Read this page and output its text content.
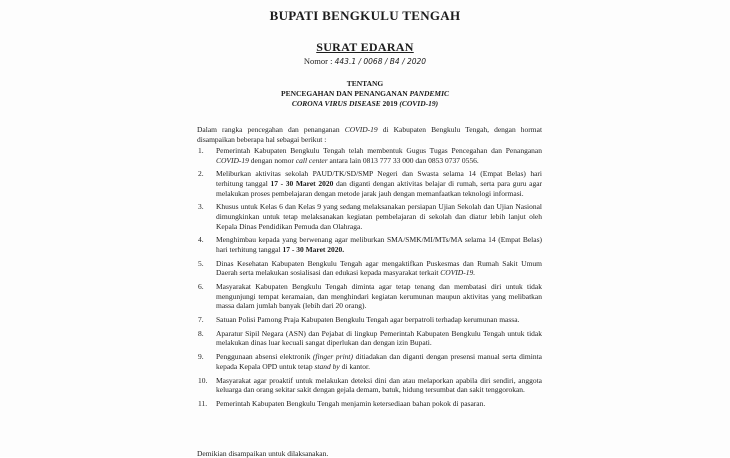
BUPATI BENGKULU TENGAH
SURAT EDARAN
Nomor : 443.1 / 0068 / B4 / 2020
TENTANG
PENCEGAHAN DAN PENANGANAN PANDEMIC
CORONA VIRUS DISEASE 2019 (COVID-19)
Dalam rangka pencegahan dan penanganan COVID-19 di Kabupaten Bengkulu Tengah, dengan hormat disampaikan beberapa hal sebagai berikut :
1. Pemerintah Kabupaten Bengkulu Tengah telah membentuk Gugus Tugas Pencegahan dan Penanganan COVID-19 dengan nomor call center antara lain 0813 777 33 000 dan 0853 0737 0556.
2. Meliburkan aktivitas sekolah PAUD/TK/SD/SMP Negeri dan Swasta selama 14 (Empat Belas) hari terhitung tanggal 17 - 30 Maret 2020 dan diganti dengan aktivitas belajar di rumah, serta para guru agar melakukan proses pembelajaran dengan metode jarak jauh dengan memanfaatkan teknologi informasi.
3. Khusus untuk Kelas 6 dan Kelas 9 yang sedang melaksanakan persiapan Ujian Sekolah dan Ujian Nasional dimungkinkan untuk tetap melaksanakan kegiatan pembelajaran di sekolah dan diatur lebih lanjut oleh Kepala Dinas Pendidikan Pemuda dan Olahraga.
4. Menghimbau kepada yang berwenang agar meliburkan SMA/SMK/MI/MTs/MA selama 14 (Empat Belas) hari terhitung tanggal 17 - 30 Maret 2020.
5. Dinas Kesehatan Kabupaten Bengkulu Tengah agar mengaktifkan Puskesmas dan Rumah Sakit Umum Daerah serta melakukan sosialisasi dan edukasi kepada masyarakat terkait COVID-19.
6. Masyarakat Kabupaten Bengkulu Tengah diminta agar tetap tenang dan membatasi diri untuk tidak mengunjungi tempat keramaian, dan menghindari kegiatan kerumunan maupun aktivitas yang melibatkan massa dalam jumlah banyak (lebih dari 20 orang).
7. Satuan Polisi Pamong Praja Kabupaten Bengkulu Tengah agar berpatroli terhadap kerumunan massa.
8. Aparatur Sipil Negara (ASN) dan Pejabat di lingkup Pemerintah Kabupaten Bengkulu Tengah untuk tidak melakukan dinas luar kecuali sangat diperlukan dan dengan izin Bupati.
9. Penggunaan absensi elektronik (finger print) ditiadakan dan diganti dengan presensi manual serta diminta kepada Kepala OPD untuk tetap stand by di kantor.
10. Masyarakat agar proaktif untuk melakukan deteksi dini dan atau melaporkan apabila diri sendiri, anggota keluarga dan orang sekitar sakit dengan gejala demam, batuk, hidung tersumbat dan sakit tenggorokan.
11. Pemerintah Kabupaten Bengkulu Tengah menjamin ketersediaan bahan pokok di pasaran.
Demikian disampaikan untuk dilaksanakan.
